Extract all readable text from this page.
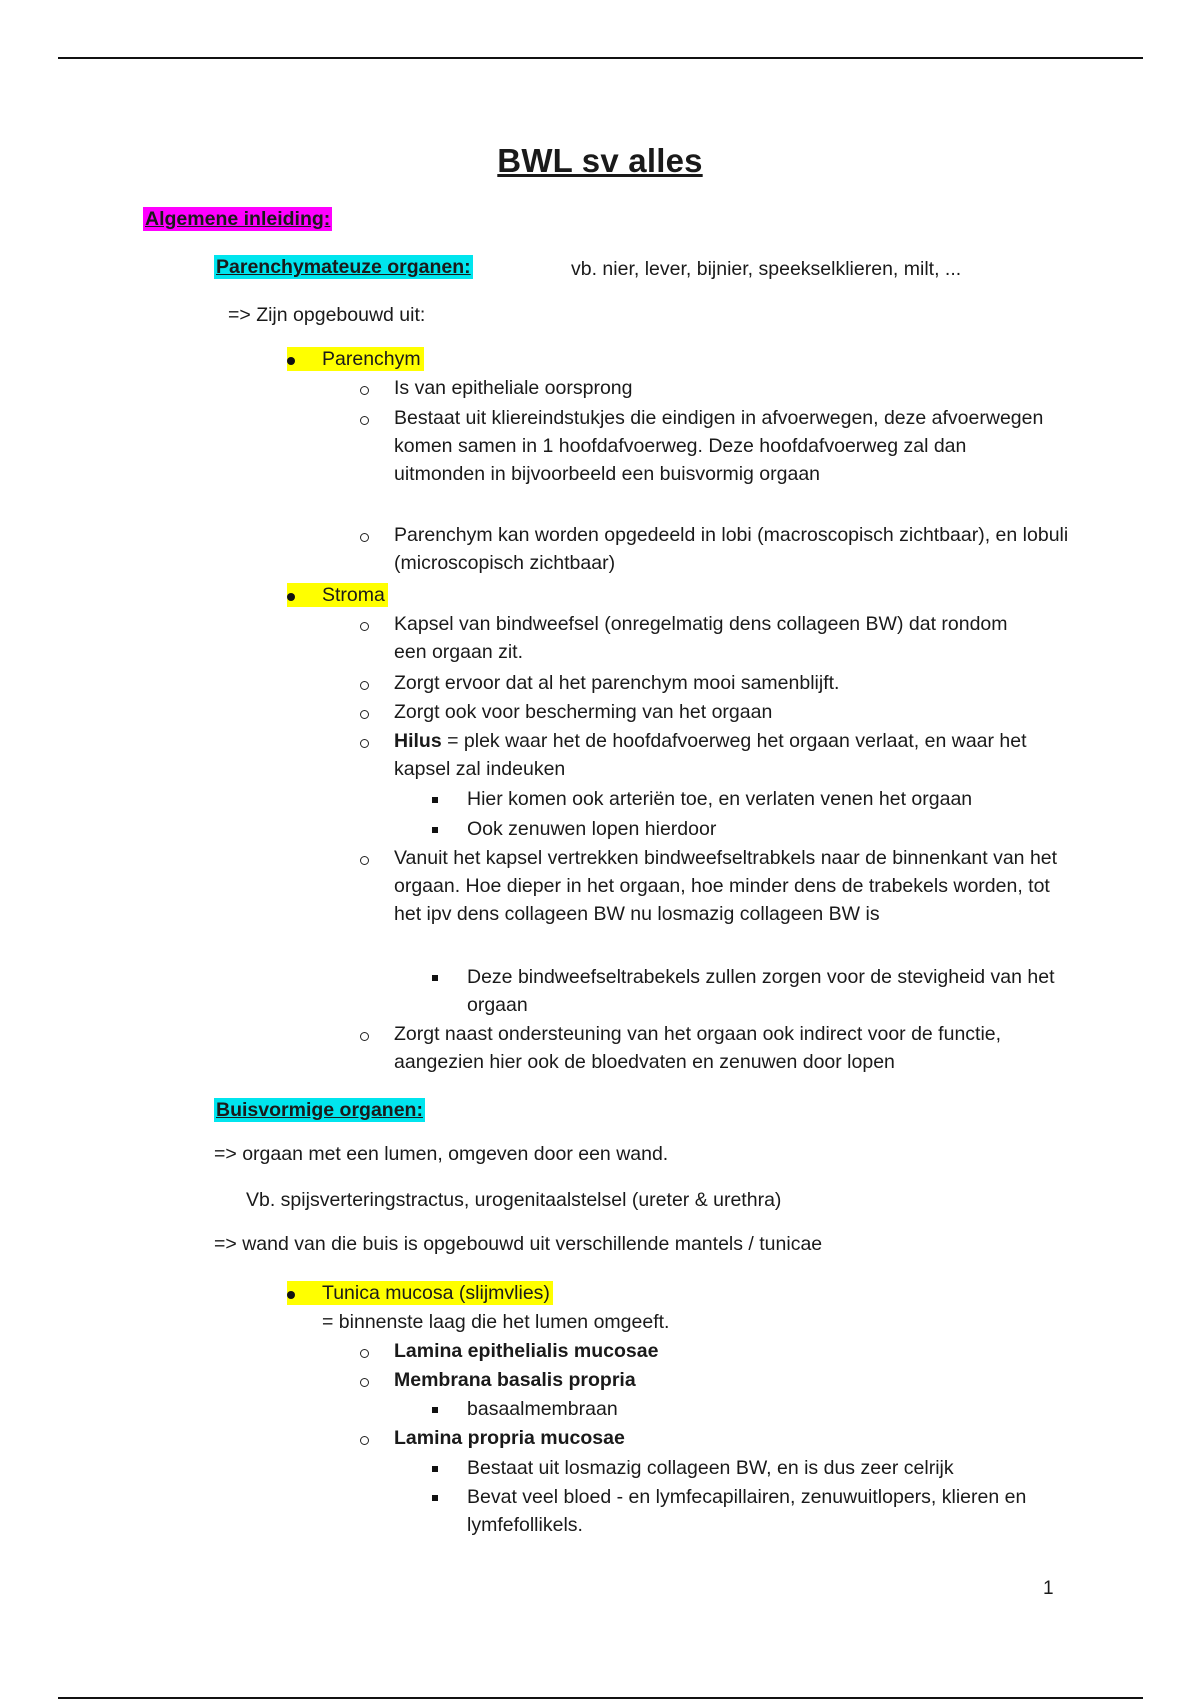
BWL sv alles
Algemene inleiding:
Parenchymateuze organen:	vb. nier, lever, bijnier, speekselklieren, milt, ...
=> Zijn opgebouwd uit:
Parenchym
Is van epitheliale oorsprong
Bestaat uit kliereindstukjes die eindigen in afvoerwegen, deze afvoerwegen komen samen in 1 hoofdafvoerweg. Deze hoofdafvoerweg zal dan uitmonden in bijvoorbeeld een buisvormig orgaan
Parenchym kan worden opgedeeld in lobi (macroscopisch zichtbaar), en lobuli (microscopisch zichtbaar)
Stroma
Kapsel van bindweefsel (onregelmatig dens collageen BW) dat rondom een orgaan zit.
Zorgt ervoor dat al het parenchym mooi samenblijft.
Zorgt ook voor bescherming van het orgaan
Hilus = plek waar het de hoofdafvoerweg het orgaan verlaat, en waar het kapsel zal indeuken
Hier komen ook arteriën toe, en verlaten venen het orgaan
Ook zenuwen lopen hierdoor
Vanuit het kapsel vertrekken bindweefseltrabkels naar de binnenkant van het orgaan. Hoe dieper in het orgaan, hoe minder dens de trabekels worden, tot het ipv dens collageen BW nu losmazig collageen BW is
Deze bindweefseltrabekels zullen zorgen voor de stevigheid van het orgaan
Zorgt naast ondersteuning van het orgaan ook indirect voor de functie, aangezien hier ook de bloedvaten en zenuwen door lopen
Buisvormige organen:
=> orgaan met een lumen, omgeven door een wand.
Vb. spijsverteringstractus, urogenitaalstelsel (ureter & urethra)
=> wand van die buis is opgebouwd uit verschillende mantels / tunicae
Tunica mucosa (slijmvlies)
= binnenste laag die het lumen omgeeft.
Lamina epithelialis mucosae
Membrana basalis propria
basaalmembraan
Lamina propria mucosae
Bestaat uit losmazig collageen BW, en is dus zeer celrijk
Bevat veel bloed - en lymfecapillairen, zenuwuitlopers, klieren en lymfefollikels.
1
